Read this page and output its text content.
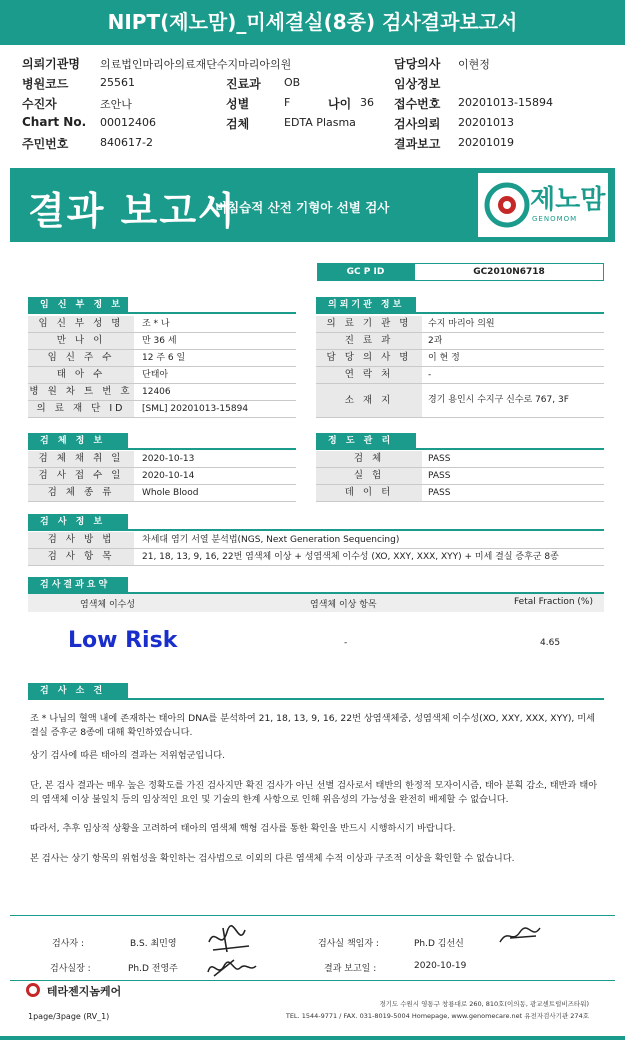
NIPT(제노맘)_미세결실(8종) 검사결과보고서
의뢰기관명 의료법인마리아의료재단수지마리아의원	담당의사 이현정
병원코드	25561	진료과 OB	임상정보
수진자	조안나	성별	F	나이 36 접수번호 20201013-15894
Chart No. 00012406	검체	EDTA Plasma	검사의뢰 20201013
주민번호	840617-2	결과보고 20201019
결과 보고서
비침습적 산전 기형아 선별 검사	제노맘
GENOMOM
GC P ID	GC2010N6718
임 신 부 정 보
임 신 부 성 명	조 * 나
만 나 이	만 36 세
임 신 주 수	12 주 6 일
태 아 수	단태아
병 원 차 트 번 호 12406
의 료 재 단 ID	[SML] 20201013-15894
의뢰기관 정보
의 료 기 관 명	수지 마리아 의원
진 료 과	2과
담 당 의 사 명	이 현 정
연 락 처	-
소 재 지	경기 용인시 수지구 신수로 767, 3F
검 체 정 보
검 체 채 취 일	2020-10-13
검 사 접 수 일	2020-10-14
검 체 종 류	Whole Blood
정 도 관 리
검 체	PASS
실 험	PASS
데 이 터	PASS
검 사 정 보
검 사 방 법	차세대 염기 서열 분석법(NGS, Next Generation Sequencing)
검 사 항 목	21, 18, 13, 9, 16, 22번 염색체 이상 + 성염색체 이수성 (XO, XXY, XXX, XYY) + 미세 결실 증후군 8종
검사결과요약
염색체 이수성	염색체 이상 항목	Fetal Fraction (%)
Low Risk	-	4.65
검 사 소 견
조 * 나님의 혈액 내에 존재하는 태아의 DNA를 분석하여 21, 18, 13, 9, 16, 22번 상염색체중, 성염색체 이수성(XO, XXY, XXX, XYY), 미세 결실 증후군 8종에 대해 확인하였습니다.
상기 검사에 따른 태아의 결과는 저위험군입니다.
단, 본 검사 결과는 매우 높은 정확도를 가진 검사지만 확진 검사가 아닌 선별 검사로서 태반의 한정적 모자이시즘, 태아 분획 감소, 태반과 태아의 염색체 이상 불일치 등의 임상적인 요인 및 기술의 한계 사항으로 인해 위음성의 가능성을 완전히 배제할 수 없습니다.
따라서, 추후 임상적 상황을 고려하여 태아의 염색체 핵형 검사를 통한 확인을 반드시 시행하시기 바랍니다.
본 검사는 상기 항목의 위험성을 확인하는 검사법으로 이외의 다른 염색체 수적 이상과 구조적 이상을 확인할 수 없습니다.
검사자 :	B.S. 최민영
검사실장 :	Ph.D 전영주
검사실 책임자 :	Ph.D 김선신
결과 보고일 :	2020-10-19
테라젠지놈케어
경기도 수원시 영통구 창룡대로 260, 810호(이의동, 광교센트럴비즈타워)
TEL. 1544-9771 / FAX. 031-8019-5004 Homepage, www.genomecare.net 유전자검사기관 274호
1page/3page (RV_1)
